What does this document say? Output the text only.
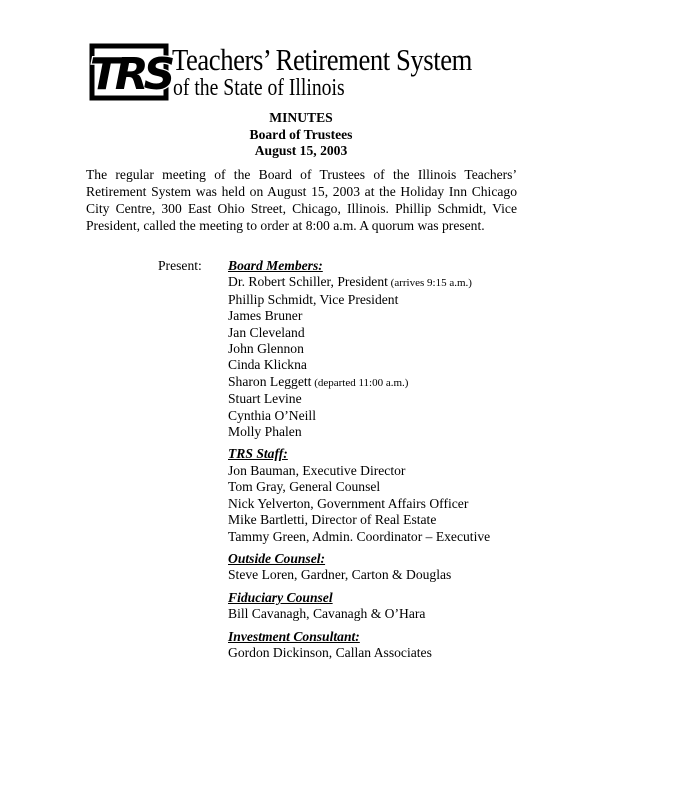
TRS Teachers’ Retirement System
of the State of Illinois
MINUTES
Board of Trustees
August 15, 2003
The regular meeting of the Board of Trustees of the Illinois Teachers’ Retirement System was held on August 15, 2003 at the Holiday Inn Chicago City Centre, 300 East Ohio Street, Chicago, Illinois. Phillip Schmidt, Vice President, called the meeting to order at 8:00 a.m. A quorum was present.
Present: Board Members:
Dr. Robert Schiller, President (arrives 9:15 a.m.)
Phillip Schmidt, Vice President
James Bruner
Jan Cleveland
John Glennon
Cinda Klickna
Sharon Leggett (departed 11:00 a.m.)
Stuart Levine
Cynthia O’Neill
Molly Phalen
TRS Staff:
Jon Bauman, Executive Director
Tom Gray, General Counsel
Nick Yelverton, Government Affairs Officer
Mike Bartletti, Director of Real Estate
Tammy Green, Admin. Coordinator – Executive
Outside Counsel:
Steve Loren, Gardner, Carton & Douglas
Fiduciary Counsel
Bill Cavanagh, Cavanagh & O’Hara
Investment Consultant:
Gordon Dickinson, Callan Associates
